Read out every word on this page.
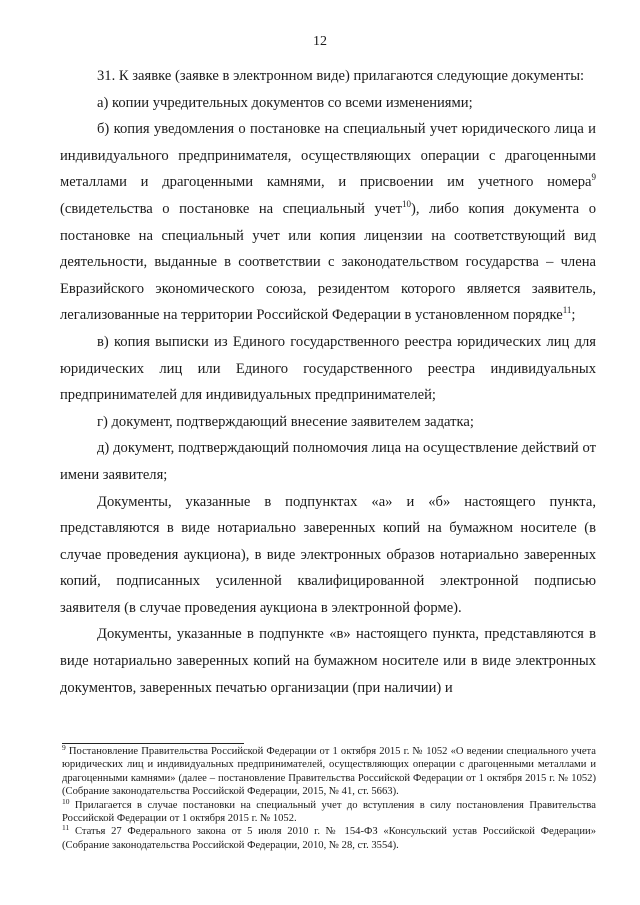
12

31. К заявке (заявке в электронном виде) прилагаются следующие документы:

а) копии учредительных документов со всеми изменениями;

б) копия уведомления о постановке на специальный учет юридического лица и индивидуального предпринимателя, осуществляющих операции с драгоценными металлами и драгоценными камнями, и присвоении им учетного номера$^9$ (свидетельства о постановке на специальный учет$^{10}$), либо копия документа о постановке на специальный учет или копия лицензии на соответствующий вид деятельности, выданные в соответствии с законодательством государства – члена Евразийского экономического союза, резидентом которого является заявитель, легализованные на территории Российской Федерации в установленном порядке$^{11}$;

в) копия выписки из Единого государственного реестра юридических лиц для юридических лиц или Единого государственного реестра индивидуальных предпринимателей для индивидуальных предпринимателей;

г) документ, подтверждающий внесение заявителем задатка;

д) документ, подтверждающий полномочия лица на осуществление действий от имени заявителя;

Документы, указанные в подпунктах «а» и «б» настоящего пункта, представляются в виде нотариально заверенных копий на бумажном носителе (в случае проведения аукциона), в виде электронных образов нотариально заверенных копий, подписанных усиленной квалифицированной электронной подписью заявителя (в случае проведения аукциона в электронной форме).

Документы, указанные в подпункте «в» настоящего пункта, представляются в виде нотариально заверенных копий на бумажном носителе или в виде электронных документов, заверенных печатью организации (при наличии) и

$^9$ Постановление Правительства Российской Федерации от 1 октября 2015 г. № 1052 «О ведении специального учета юридических лиц и индивидуальных предпринимателей, осуществляющих операции с драгоценными металлами и драгоценными камнями» (далее – постановление Правительства Российской Федерации от 1 октября 2015 г. № 1052) (Собрание законодательства Российской Федерации, 2015, № 41, ст. 5663).

$^{10}$ Прилагается в случае постановки на специальный учет до вступления в силу постановления Правительства Российской Федерации от 1 октября 2015 г. № 1052.

$^{11}$ Статья 27 Федерального закона от 5 июля 2010 г. № 154-ФЗ «Консульский устав Российской Федерации» (Собрание законодательства Российской Федерации, 2010, № 28, ст. 3554).
